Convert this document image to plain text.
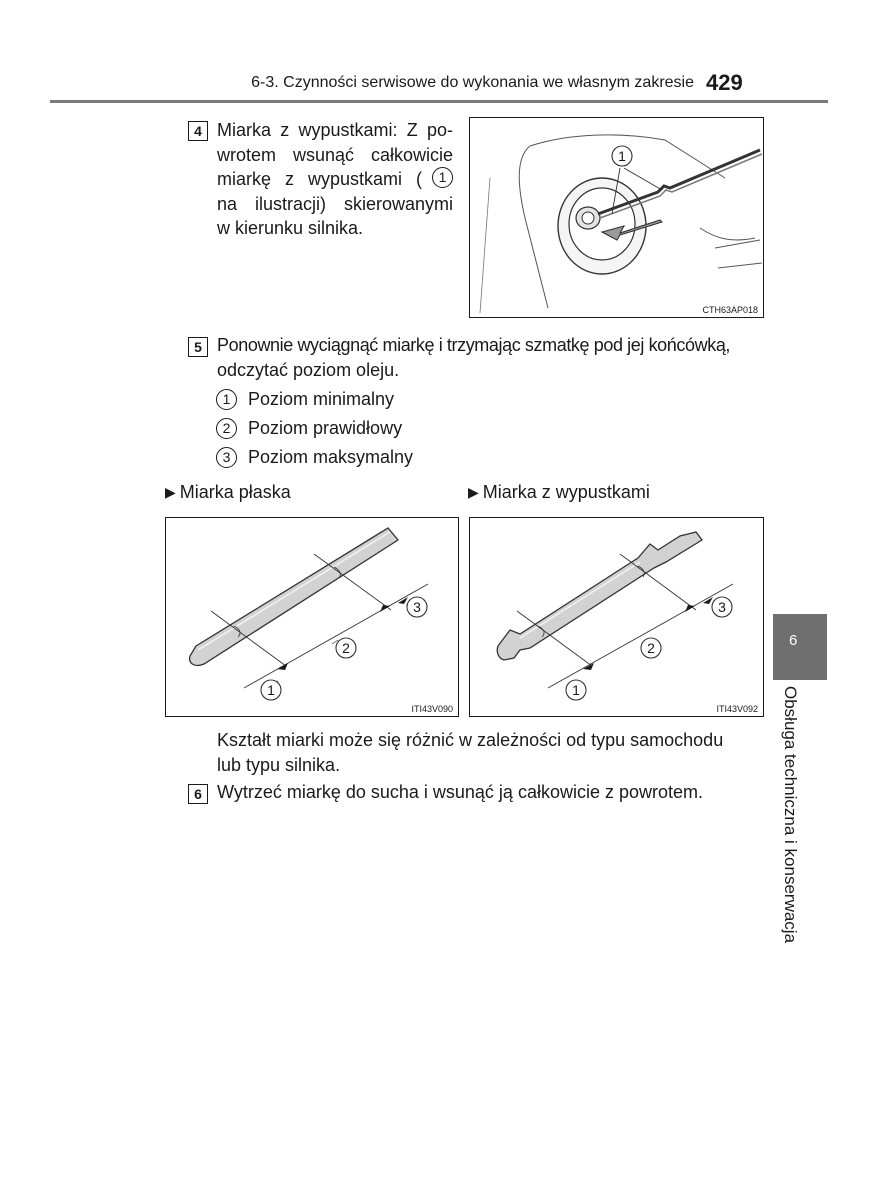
6-3. Czynności serwisowe do wykonania we własnym zakresie 429
4 Miarka z wypustkami: Z po-
wrotem wsunąć całkowicie
miarkę z wypustkami (	1
na ilustracji) skierowanymi
w kierunku silnika.
1
CTH63AP018
5 Ponownie wyciągnąć miarkę i trzymając szmatkę pod jej końcówką,
odczytać poziom oleju.
1 Poziom minimalny
2 Poziom prawidłowy
3 Poziom maksymalny
▶ Miarka płaska	▶ Miarka z wypustkami
1
2
3
ITI43V090
1
2
3
ITI43V092
Kształt miarki może się różnić w zależności od typu samochodu
lub typu silnika.
6 Wytrzeć miarkę do sucha i wsunąć ją całkowicie z powrotem.
6
Obsługa techniczna i konserwacja
